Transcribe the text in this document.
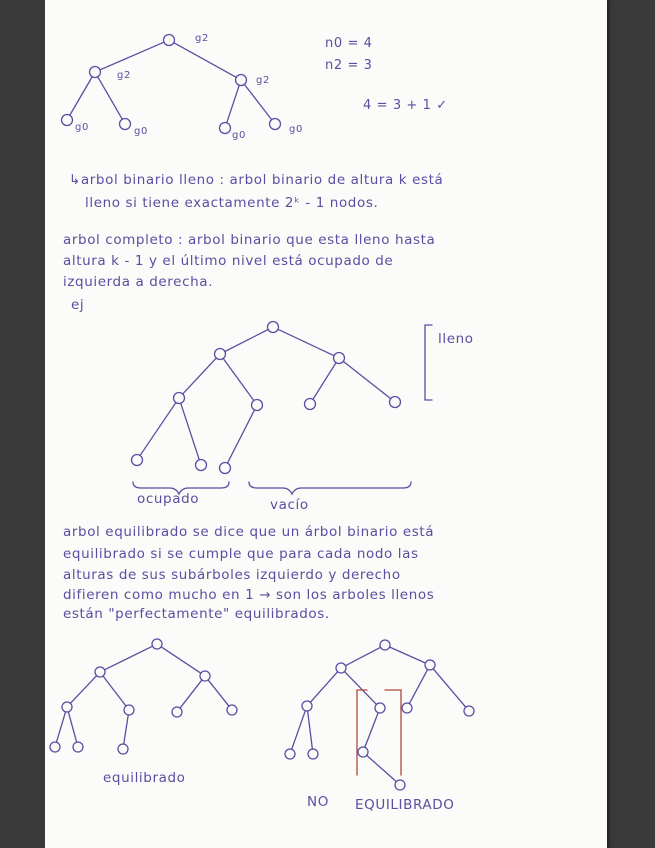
g2
g2	g2
g0	g0	g0
g0
n0 = 4
n2 = 3
4 = 3 + 1 ✓
↳arbol binario lleno : arbol binario de altura k está
lleno si tiene exactamente 2ᵏ - 1 nodos.
arbol completo : arbol binario que esta lleno hasta
altura k - 1 y el último nivel está ocupado de
izquierda a derecha.
ej
lleno
ocupado	vacío
arbol equilibrado se dice que un árbol binario está
equilibrado si se cumple que para cada nodo las
alturas de sus subárboles izquierdo y derecho
difieren como mucho en 1 → son los arboles llenos
están "perfectamente" equilibrados.
equilibrado
NO EQUILIBRADO
